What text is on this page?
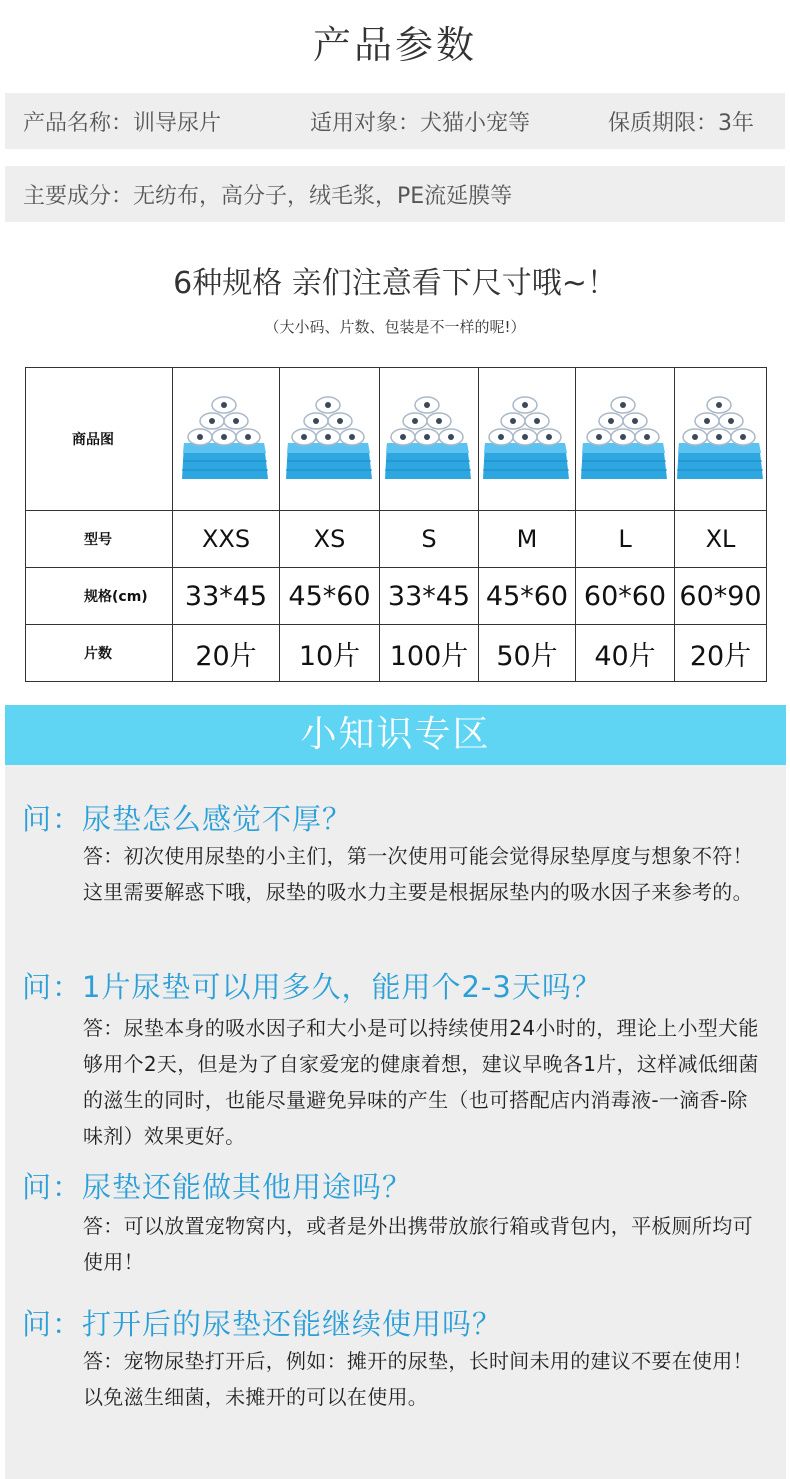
产品参数
产品名称：训导尿片	适用对象：犬猫小宠等	保质期限：3年
主要成分：无纺布，高分子，绒毛浆，PE流延膜等
6种规格 亲们注意看下尺寸哦~！
（大小码、片数、包装是不一样的呢!）
商品图	

型号	XXS	XS	S	M	L	XL
规格(cm)	33*45	45*60	33*45	45*60	60*60	60*90
片数	20片	10片	100片	50片	40片	20片
小知识专区
问：尿垫怎么感觉不厚？
答：初次使用尿垫的小主们，第一次使用可能会觉得尿垫厚度与想象不符！这里需要解惑下哦，尿垫的吸水力主要是根据尿垫内的吸水因子来参考的。
问：1片尿垫可以用多久，能用个2-3天吗？
答：尿垫本身的吸水因子和大小是可以持续使用24小时的，理论上小型犬能够用个2天，但是为了自家爱宠的健康着想，建议早晚各1片，这样减低细菌的滋生的同时，也能尽量避免异味的产生（也可搭配店内消毒液-一滴香-除味剂）效果更好。
问：尿垫还能做其他用途吗？
答：可以放置宠物窝内，或者是外出携带放旅行箱或背包内，平板厕所均可使用！
问：打开后的尿垫还能继续使用吗？
答：宠物尿垫打开后，例如：摊开的尿垫，长时间未用的建议不要在使用！以免滋生细菌，未摊开的可以在使用。
